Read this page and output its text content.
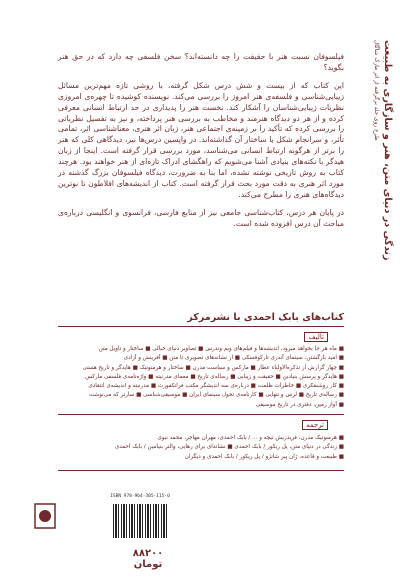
زندگی در دنیای متن، هنر و سازگاری به طبیعت
طرح روی جلد برگرفته از اثر مارک شاگال

فیلسوفان نسبت هنر با حقیقت را چه دانسته‌اند؟ سخن فلسفی چه دارد که در حق هنر بگوید؟

این کتاب که از بیست و شش درس شکل گرفته، با روشی تازه مهم‌ترین مسائل زیبایی‌شناسی و فلسفه‌ی هنر امروز را بررسی می‌کند. نویسنده کوشیده تا چهره‌ی امروزی نظریات زیبایی‌شناسان را آشکار کند. نخست هنر را پدیداری در حد ارتباط انسانی معرفی کرده و از هر دو دیدگاه هنرمند و مخاطب به بررسی هنر پرداخته، و نیز به تفصیل نظریاتی را بررسی کرده که تأکید را بر زمینه‌ی اجتماعی هنر، زبان اثر هنری، معناشناسی اثر، تمامی تأثر، و سرانجام شکل یا ساختار آن گذاشته‌اند. در واپسین درس‌ها نیز، دیدگاهی کلی که هنر را برتر از هرگونه ارتباط انسانی می‌شناسد، مورد بررسی قرار گرفته است. اینجا از زبان هیدگر با نکته‌های بنیادی آشنا می‌شویم که راهگشای ادراک تازه‌ای از هنر خواهند بود. هرچند کتاب به روش تاریخی نوشته نشده، اما بنا به ضرورت، دیدگاه فیلسوفان بزرگ گذشته در مورد اثر هنری به دقت مورد بحث قرار گرفته است. کتاب از اندیشه‌های افلاطون تا نوترین دیدگاه‌های هنری را مطرح می‌کند.

در پایان هر درس، کتاب‌شناسی جامعی نیز از منابع فارسی، فرانسوی و انگلیسی درباره‌ی مباحث آن درس افزوده شده است.

کتاب‌های بابک احمدی با نشرمرکز
تألیف
■ ماه هر جا بخواهد میرود، اندیشه‌ها و فیلم‌های ویم وندرس ■ تصاویر دنیای خیالی ■ ساختار و تأویل متن
■ امید بازگشتن، سینمای آندری تارکوفسکی ■ از نشانه‌های تصویری تا متن ■ آفرینش و آزادی
■ چهار گزارش از تذکره‌الاولیاء عطار ■ مارکس و سیاست مدرن ■ ساختار و هرمنوتیک ■ هایدگر و تاریخ هستی
■ هایدگر و پرسش بنیادین ■ حقیقت و زیبایی ■ رساله‌ی تاریخ ■ معمای مدرنیته ■ واژه‌نامه‌ی فلسفی مارکس
■ کار روشنفکری ■ خاطرات ظلمت ■ درباره‌ی سه اندیشگر مکتب فرانکفورت ■ مدرنیته و اندیشه‌ی انتقادی
■ رساله‌ی تاریخ ■ لرس و تنهایی ■ کارنامه‌ی تحول سینمای ایران ■ موسیقی‌شناسی ■ سارتر که می‌نوشت
■ آواز زمین، دفتری در تاریخ موسیقی
ترجمه
■ هرمنوتیک مدرن، فریدریش نیچه و ... / بابک احمدی، مهران مهاجر، محمد نبوی
■ زندگی در دنیای متن، پل ریکور / بابک احمدی ■ نشانه‌ای برای رهایی، والتر بنیامین / بابک احمدی
■ طبیعت و قاعده، ژان پیر شانژو / پل ریکور / بابک احمدی و دیگران
ISBN 978-964-305-115-0
۸۸۲۰۰ تومان
